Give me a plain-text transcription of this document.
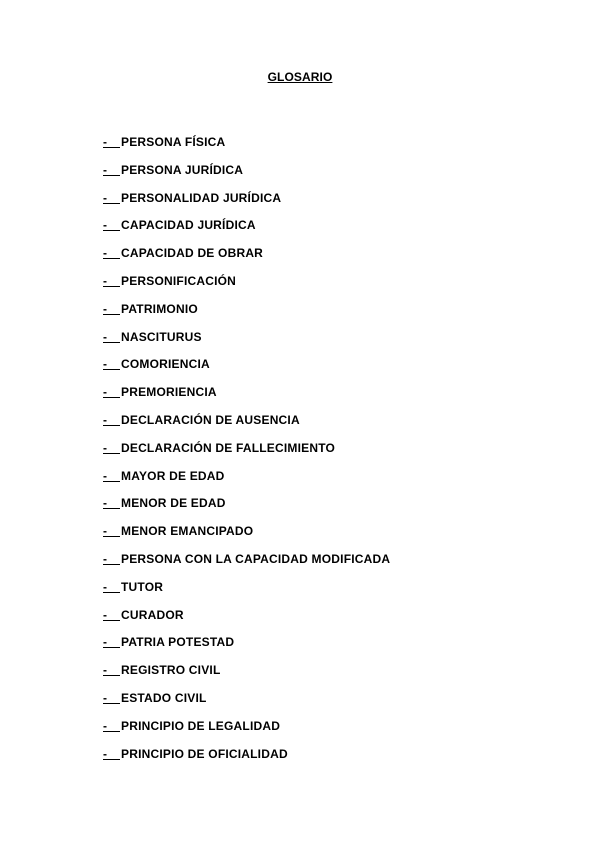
GLOSARIO
- PERSONA FÍSICA
- PERSONA JURÍDICA
- PERSONALIDAD JURÍDICA
- CAPACIDAD JURÍDICA
- CAPACIDAD DE OBRAR
- PERSONIFICACIÓN
- PATRIMONIO
- NASCITURUS
- COMORIENCIA
- PREMORIENCIA
- DECLARACIÓN DE AUSENCIA
- DECLARACIÓN DE FALLECIMIENTO
- MAYOR DE EDAD
- MENOR DE EDAD
- MENOR EMANCIPADO
- PERSONA CON LA CAPACIDAD MODIFICADA
- TUTOR
- CURADOR
- PATRIA POTESTAD
- REGISTRO CIVIL
- ESTADO CIVIL
- PRINCIPIO DE LEGALIDAD
- PRINCIPIO DE OFICIALIDAD
